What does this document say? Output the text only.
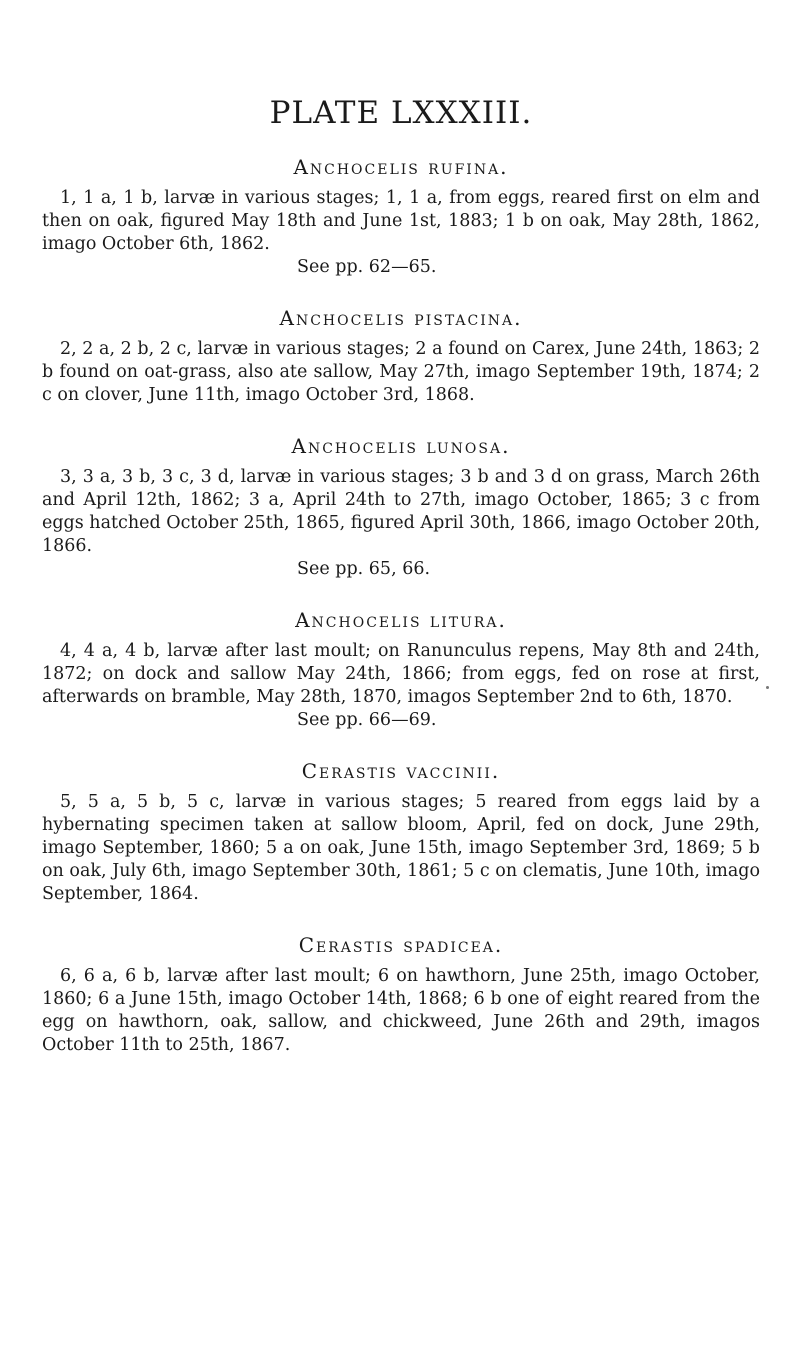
PLATE LXXXIII.
Anchocelis rufina.

1, 1 a, 1 b, larvæ in various stages; 1, 1 a, from eggs, reared first on elm and then on oak, figured May 18th and June 1st, 1883; 1 b on oak, May 28th, 1862, imago October 6th, 1862.

See pp. 62—65.

Anchocelis pistacina.

2, 2 a, 2 b, 2 c, larvæ in various stages; 2 a found on Carex, June 24th, 1863; 2 b found on oat-grass, also ate sallow, May 27th, imago September 19th, 1874; 2 c on clover, June 11th, imago October 3rd, 1868.

Anchocelis lunosa.

3, 3 a, 3 b, 3 c, 3 d, larvæ in various stages; 3 b and 3 d on grass, March 26th and April 12th, 1862; 3 a, April 24th to 27th, imago October, 1865; 3 c from eggs hatched October 25th, 1865, figured April 30th, 1866, imago October 20th, 1866.

See pp. 65, 66.

Anchocelis litura.

4, 4 a, 4 b, larvæ after last moult; on Ranunculus repens, May 8th and 24th, 1872; on dock and sallow May 24th, 1866; from eggs, fed on rose at first, afterwards on bramble, May 28th, 1870, imagos September 2nd to 6th, 1870.

See pp. 66—69.

Cerastis vaccinii.

5, 5 a, 5 b, 5 c, larvæ in various stages; 5 reared from eggs laid by a hybernating specimen taken at sallow bloom, April, fed on dock, June 29th, imago September, 1860; 5 a on oak, June 15th, imago September 3rd, 1869; 5 b on oak, July 6th, imago September 30th, 1861; 5 c on clematis, June 10th, imago September, 1864.

Cerastis spadicea.

6, 6 a, 6 b, larvæ after last moult; 6 on hawthorn, June 25th, imago October, 1860; 6 a June 15th, imago October 14th, 1868; 6 b one of eight reared from the egg on hawthorn, oak, sallow, and chickweed, June 26th and 29th, imagos October 11th to 25th, 1867.
